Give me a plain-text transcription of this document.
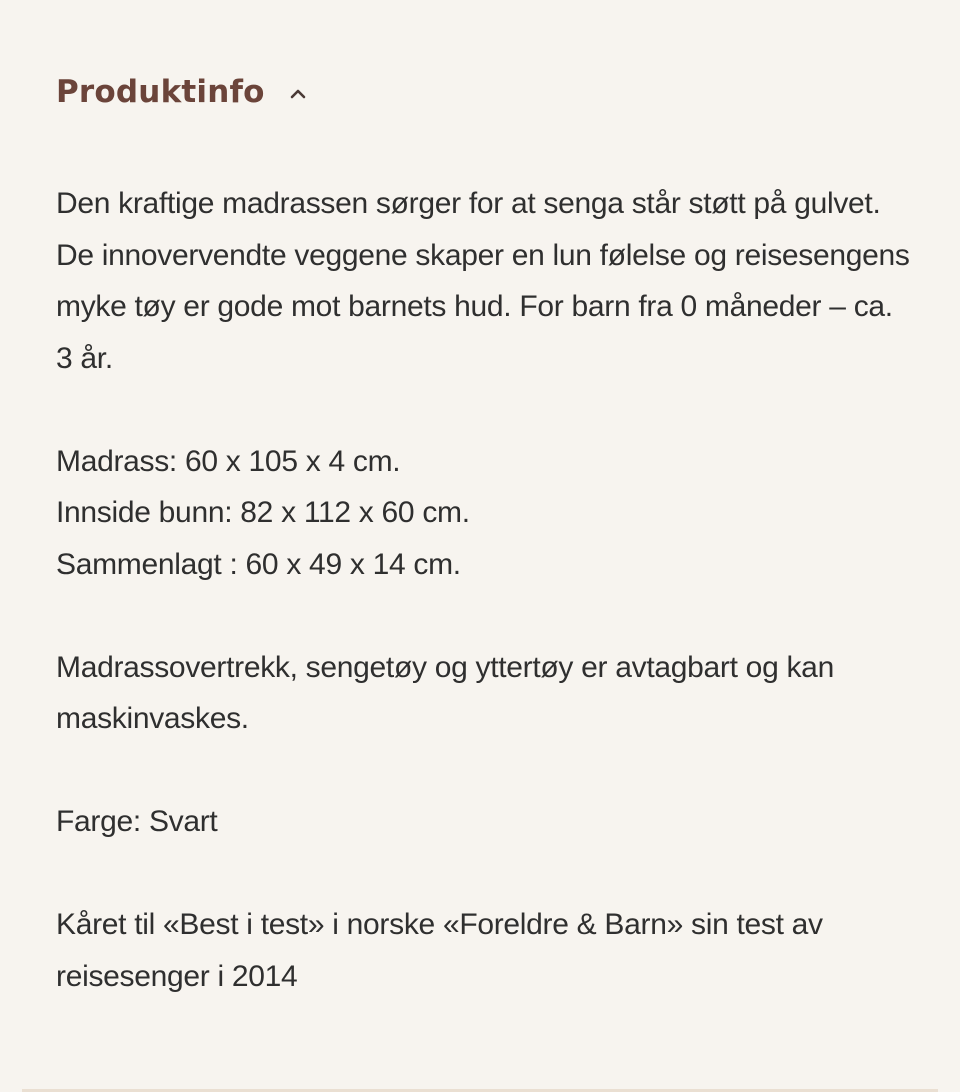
Produktinfo

Den kraftige madrassen sørger for at senga står støtt på gulvet. De innovervendte veggene skaper en lun følelse og reisesengens myke tøy er gode mot barnets hud. For barn fra 0 måneder – ca. 3 år.

Madrass: 60 x 105 x 4 cm.
Innside bunn: 82 x 112 x 60 cm.
Sammenlagt : 60 x 49 x 14 cm.

Madrassovertrekk, sengetøy og yttertøy er avtagbart og kan maskinvaskes.

Farge: Svart

Kåret til «Best i test» i norske «Foreldre & Barn» sin test av reisesenger i 2014
